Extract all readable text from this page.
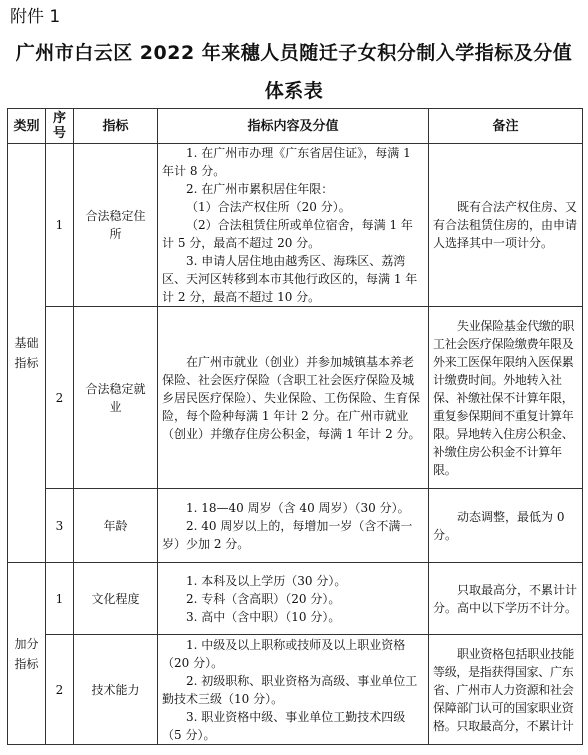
附件 1
广州市白云区 2022 年来穗人员随迁子女积分制入学指标及分值
体系表
类别	序号	指标	指标内容及分值	备注
基础指标	1	合法稳定住所	1. 在广州市办理《广东省居住证》，每满 1 年计 8 分。

2. 在广州市累积居住年限：

（1）合法产权住所（20 分）。

（2）合法租赁住所或单位宿舍，每满 1 年计 5 分，最高不超过 20 分。

3. 申请人居住地由越秀区、海珠区、荔湾区、天河区转移到本市其他行政区的，每满 1 年计 2 分，最高不超过 10 分。	既有合法产权住房、又有合法租赁住房的，由申请人选择其中一项计分。

	2	合法稳定就业	在广州市就业（创业）并参加城镇基本养老保险、社会医疗保险（含职工社会医疗保险及城乡居民医疗保险）、失业保险、工伤保险、生育保险，每个险种每满 1 年计 2 分。在广州市就业（创业）并缴存住房公积金，每满 1 年计 2 分。	失业保险基金代缴的职工社会医疗保险缴费年限及外来工医保年限纳入医保累计缴费时间。外地转入社保、补缴社保不计算年限，重复参保期间不重复计算年限。异地转入住房公积金、补缴住房公积金不计算年限。

	3	年龄	1. 18—40 周岁（含 40 周岁）（30 分）。

2. 40 周岁以上的，每增加一岁（含不满一岁）少加 2 分。	动态调整，最低为 0 分。

加分指标	1	文化程度	1. 本科及以上学历（30 分）。

2. 专科（含高职）（20 分）。

3. 高中（含中职）（10 分）。	只取最高分，不累计计分。高中以下学历不计分。

	2	技术能力	1. 中级及以上职称或技师及以上职业资格（20 分）。

2. 初级职称、职业资格为高级、事业单位工勤技术三级（10 分）。

3. 职业资格中级、事业单位工勤技术四级（5 分）。	职业资格包括职业技能等级，是指获得国家、广东省、广州市人力资源和社会保障部门认可的国家职业资格。只取最高分，不累计计
